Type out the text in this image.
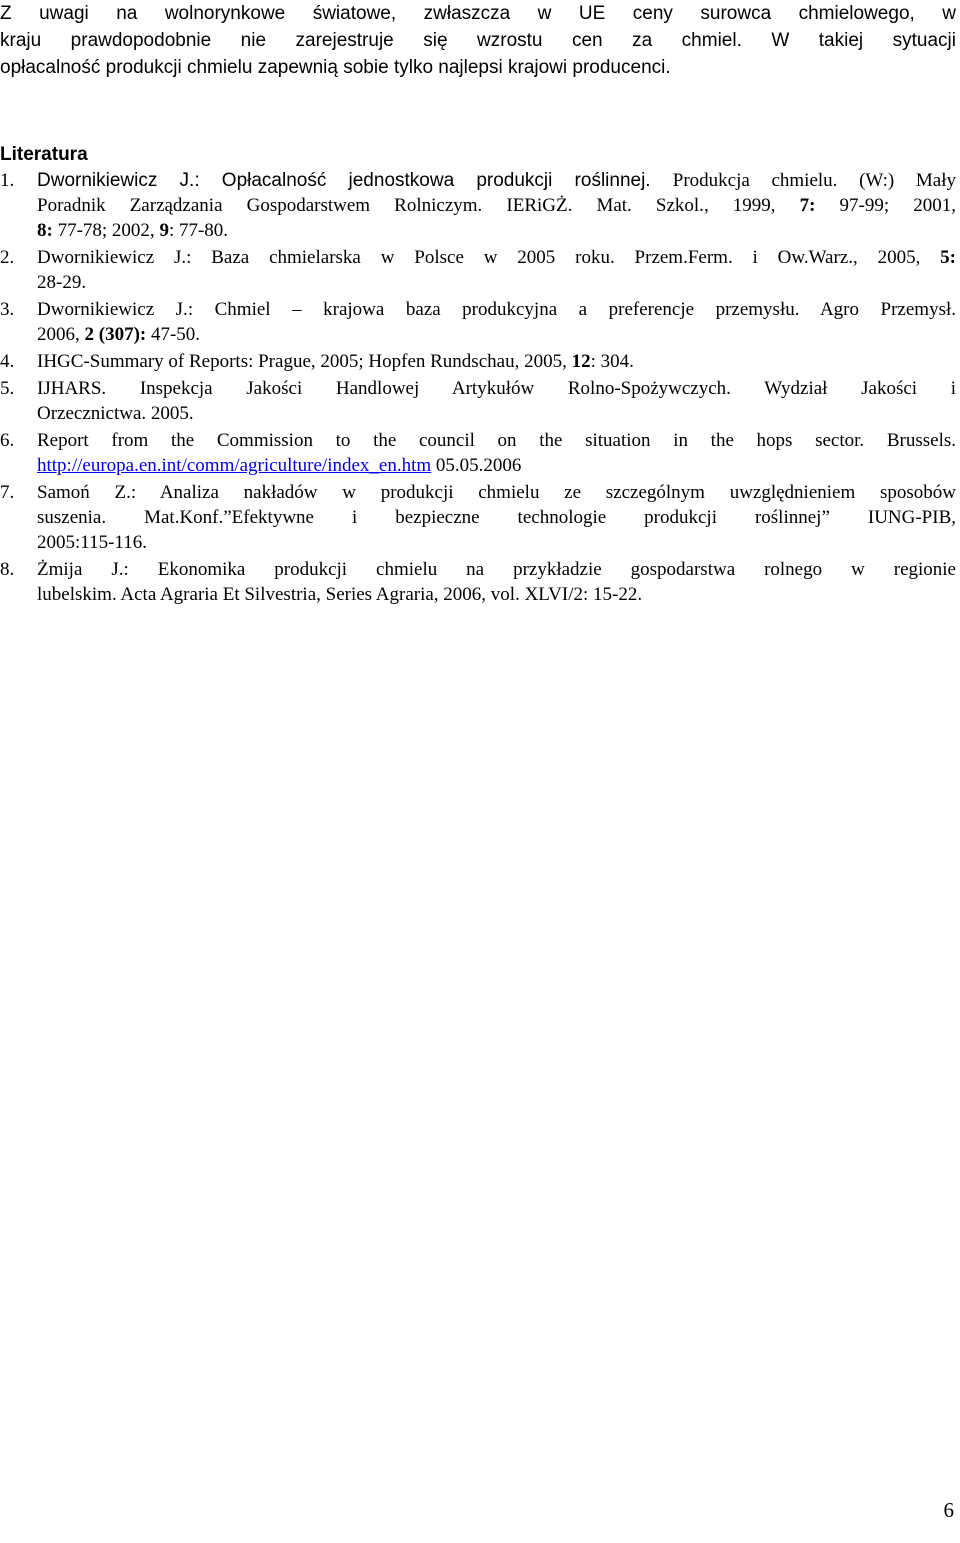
Z uwagi na wolnorynkowe światowe, zwłaszcza w UE ceny surowca chmielowego, w
kraju prawdopodobnie nie zarejestruje się wzrostu cen za chmiel. W takiej sytuacji
opłacalność produkcji chmielu zapewnią sobie tylko najlepsi krajowi producenci.

Literatura
1. Dwornikiewicz J.: Opłacalność jednostkowa produkcji roślinnej. Produkcja chmielu. (W:) Mały
Poradnik Zarządzania Gospodarstwem Rolniczym. IERiGŻ. Mat. Szkol., 1999, 7: 97-99; 2001,
8: 77-78; 2002, 9: 77-80.
2. Dwornikiewicz J.: Baza chmielarska w Polsce w 2005 roku. Przem.Ferm. i Ow.Warz., 2005, 5:
28-29.
3. Dwornikiewicz J.: Chmiel – krajowa baza produkcyjna a preferencje przemysłu. Agro Przemysł.
2006, 2 (307): 47-50.
4. IHGC-Summary of Reports: Prague, 2005; Hopfen Rundschau, 2005, 12: 304.
5. IJHARS. Inspekcja Jakości Handlowej Artykułów Rolno-Spożywczych. Wydział Jakości i
Orzecznictwa. 2005.
6. Report from the Commission to the council on the situation in the hops sector. Brussels.
http://europa.en.int/comm/agriculture/index_en.htm 05.05.2006
7. Samoń Z.: Analiza nakładów w produkcji chmielu ze szczególnym uwzględnieniem sposobów
suszenia. Mat.Konf.”Efektywne i bezpieczne technologie produkcji roślinnej” IUNG-PIB,
2005:115-116.
8. Żmija J.: Ekonomika produkcji chmielu na przykładzie gospodarstwa rolnego w regionie
lubelskim. Acta Agraria Et Silvestria, Series Agraria, 2006, vol. XLVI/2: 15-22.
6
